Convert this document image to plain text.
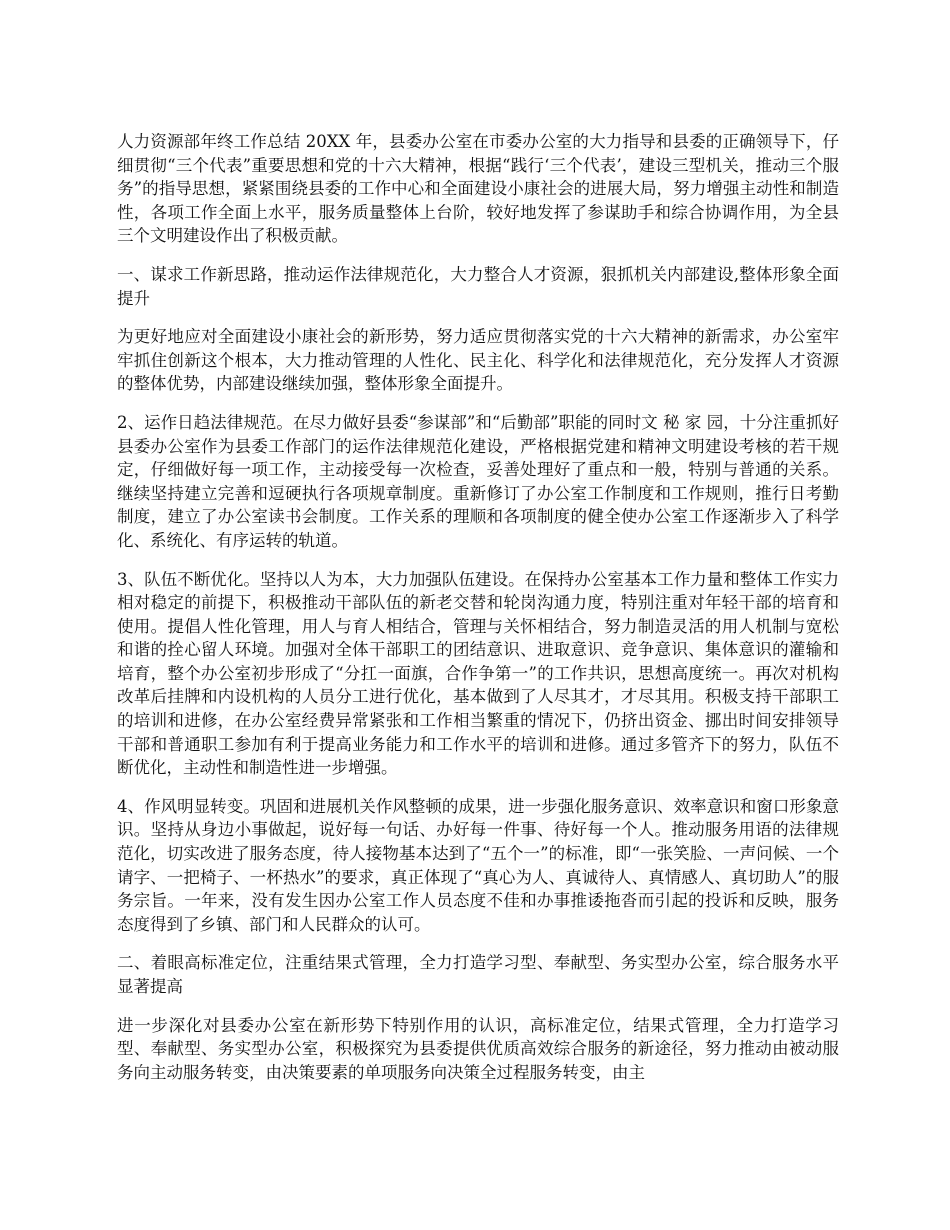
人力资源部年终工作总结 20XX 年，县委办公室在市委办公室的大力指导和县委的正确领导下，仔细贯彻“三个代表”重要思想和党的十六大精神，根据“践行‘三个代表’，建设三型机关，推动三个服务”的指导思想，紧紧围绕县委的工作中心和全面建设小康社会的进展大局，努力增强主动性和制造性，各项工作全面上水平，服务质量整体上台阶，较好地发挥了参谋助手和综合协调作用，为全县三个文明建设作出了积极贡献。

一、谋求工作新思路，推动运作法律规范化，大力整合人才资源，狠抓机关内部建设,整体形象全面提升

为更好地应对全面建设小康社会的新形势，努力适应贯彻落实党的十六大精神的新需求，办公室牢牢抓住创新这个根本，大力推动管理的人性化、民主化、科学化和法律规范化，充分发挥人才资源的整体优势，内部建设继续加强，整体形象全面提升。

2、运作日趋法律规范。在尽力做好县委“参谋部”和“后勤部”职能的同时文 秘 家 园，十分注重抓好县委办公室作为县委工作部门的运作法律规范化建设，严格根据党建和精神文明建设考核的若干规定，仔细做好每一项工作，主动接受每一次检查，妥善处理好了重点和一般，特别与普通的关系。继续坚持建立完善和逗硬执行各项规章制度。重新修订了办公室工作制度和工作规则，推行日考勤制度，建立了办公室读书会制度。工作关系的理顺和各项制度的健全使办公室工作逐渐步入了科学化、系统化、有序运转的轨道。

3、队伍不断优化。坚持以人为本，大力加强队伍建设。在保持办公室基本工作力量和整体工作实力相对稳定的前提下，积极推动干部队伍的新老交替和轮岗沟通力度，特别注重对年轻干部的培育和使用。提倡人性化管理，用人与育人相结合，管理与关怀相结合，努力制造灵活的用人机制与宽松和谐的拴心留人环境。加强对全体干部职工的团结意识、进取意识、竞争意识、集体意识的灌输和培育，整个办公室初步形成了“分扛一面旗，合作争第一”的工作共识，思想高度统一。再次对机构改革后挂牌和内设机构的人员分工进行优化，基本做到了人尽其才，才尽其用。积极支持干部职工的培训和进修，在办公室经费异常紧张和工作相当繁重的情况下，仍挤出资金、挪出时间安排领导干部和普通职工参加有利于提高业务能力和工作水平的培训和进修。通过多管齐下的努力，队伍不断优化，主动性和制造性进一步增强。

4、作风明显转变。巩固和进展机关作风整顿的成果，进一步强化服务意识、效率意识和窗口形象意识。坚持从身边小事做起，说好每一句话、办好每一件事、待好每一个人。推动服务用语的法律规范化，切实改进了服务态度，待人接物基本达到了“五个一”的标准，即“一张笑脸、一声问候、一个请字、一把椅子、一杯热水”的要求，真正体现了“真心为人、真诚待人、真情感人、真切助人”的服务宗旨。一年来，没有发生因办公室工作人员态度不佳和办事推诿拖沓而引起的投诉和反映，服务态度得到了乡镇、部门和人民群众的认可。

二、着眼高标准定位，注重结果式管理，全力打造学习型、奉献型、务实型办公室，综合服务水平显著提高

进一步深化对县委办公室在新形势下特别作用的认识，高标准定位，结果式管理，全力打造学习型、奉献型、务实型办公室，积极探究为县委提供优质高效综合服务的新途径，努力推动由被动服务向主动服务转变，由决策要素的单项服务向决策全过程服务转变，由主
